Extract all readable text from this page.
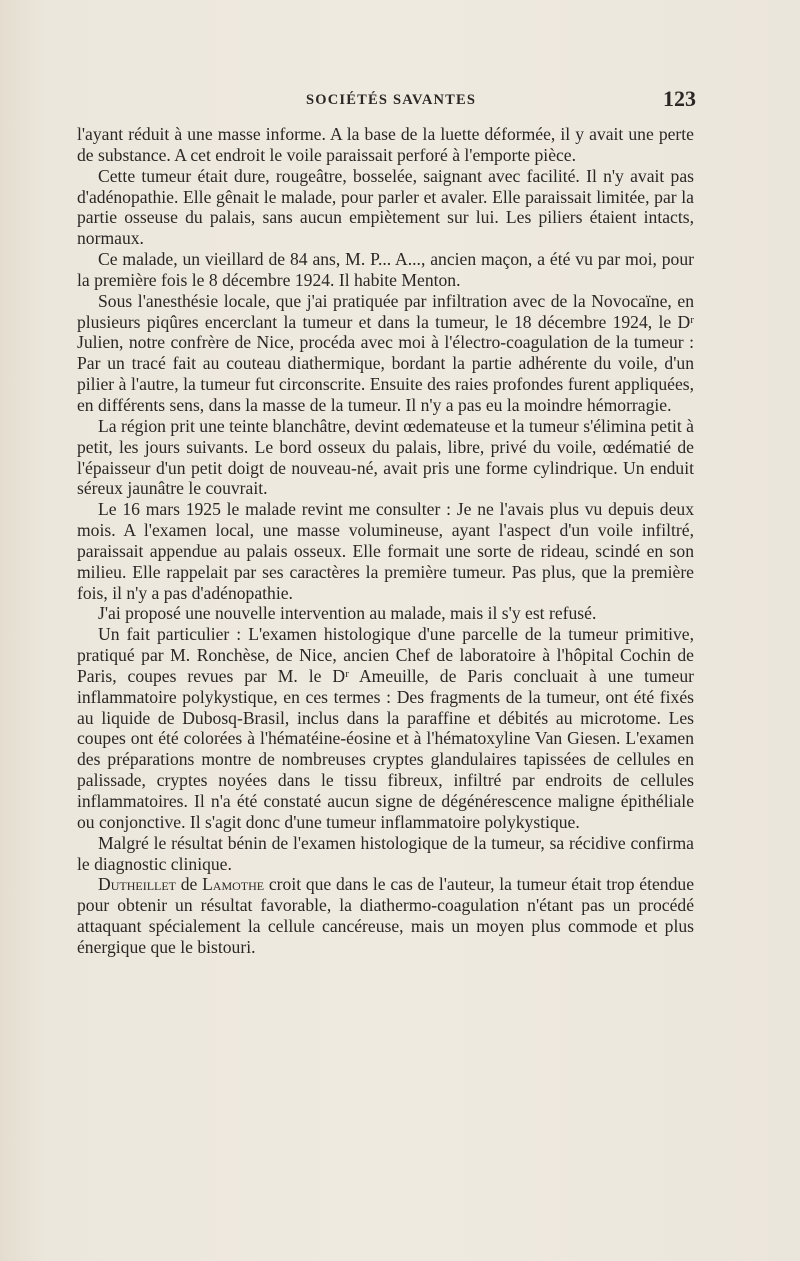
SOCIÉTÉS SAVANTES	123

l'ayant réduit à une masse informe. A la base de la luette déformée, il y avait une perte de substance. A cet endroit le voile paraissait perforé à l'emporte pièce.

Cette tumeur était dure, rougeâtre, bosselée, saignant avec facilité. Il n'y avait pas d'adénopathie. Elle gênait le malade, pour parler et avaler. Elle paraissait limitée, par la partie osseuse du palais, sans aucun empiètement sur lui. Les piliers étaient intacts, normaux.

Ce malade, un vieillard de 84 ans, M. P... A..., ancien maçon, a été vu par moi, pour la première fois le 8 décembre 1924. Il habite Menton.

Sous l'anesthésie locale, que j'ai pratiquée par infiltration avec de la Novocaïne, en plusieurs piqûres encerclant la tumeur et dans la tumeur, le 18 décembre 1924, le Dʳ Julien, notre confrère de Nice, procéda avec moi à l'électro-coagulation de la tumeur : Par un tracé fait au couteau diathermique, bordant la partie adhérente du voile, d'un pilier à l'autre, la tumeur fut circonscrite. Ensuite des raies profondes furent appliquées, en différents sens, dans la masse de la tumeur. Il n'y a pas eu la moindre hémorragie.

La région prit une teinte blanchâtre, devint œdemateuse et la tumeur s'élimina petit à petit, les jours suivants. Le bord osseux du palais, libre, privé du voile, œdématié de l'épaisseur d'un petit doigt de nouveau-né, avait pris une forme cylindrique. Un enduit séreux jaunâtre le couvrait.

Le 16 mars 1925 le malade revint me consulter : Je ne l'avais plus vu depuis deux mois. A l'examen local, une masse volumineuse, ayant l'aspect d'un voile infiltré, paraissait appendue au palais osseux. Elle formait une sorte de rideau, scindé en son milieu. Elle rappelait par ses caractères la première tumeur. Pas plus, que la première fois, il n'y a pas d'adénopathie.

J'ai proposé une nouvelle intervention au malade, mais il s'y est refusé.

Un fait particulier : L'examen histologique d'une parcelle de la tumeur primitive, pratiqué par M. Ronchèse, de Nice, ancien Chef de laboratoire à l'hôpital Cochin de Paris, coupes revues par M. le Dʳ Ameuille, de Paris concluait à une tumeur inflammatoire polykystique, en ces termes : Des fragments de la tumeur, ont été fixés au liquide de Dubosq-Brasil, inclus dans la paraffine et débités au microtome. Les coupes ont été colorées à l'hématéine-éosine et à l'hématoxyline Van Giesen. L'examen des préparations montre de nombreuses cryptes glandulaires tapissées de cellules en palissade, cryptes noyées dans le tissu fibreux, infiltré par endroits de cellules inflammatoires. Il n'a été constaté aucun signe de dégénérescence maligne épithéliale ou conjonctive. Il s'agit donc d'une tumeur inflammatoire polykystique.

Malgré le résultat bénin de l'examen histologique de la tumeur, sa récidive confirma le diagnostic clinique.

Dutheillet de Lamothe croit que dans le cas de l'auteur, la tumeur était trop étendue pour obtenir un résultat favorable, la diathermo-coagulation n'étant pas un procédé attaquant spécialement la cellule cancéreuse, mais un moyen plus commode et plus énergique que le bistouri.
